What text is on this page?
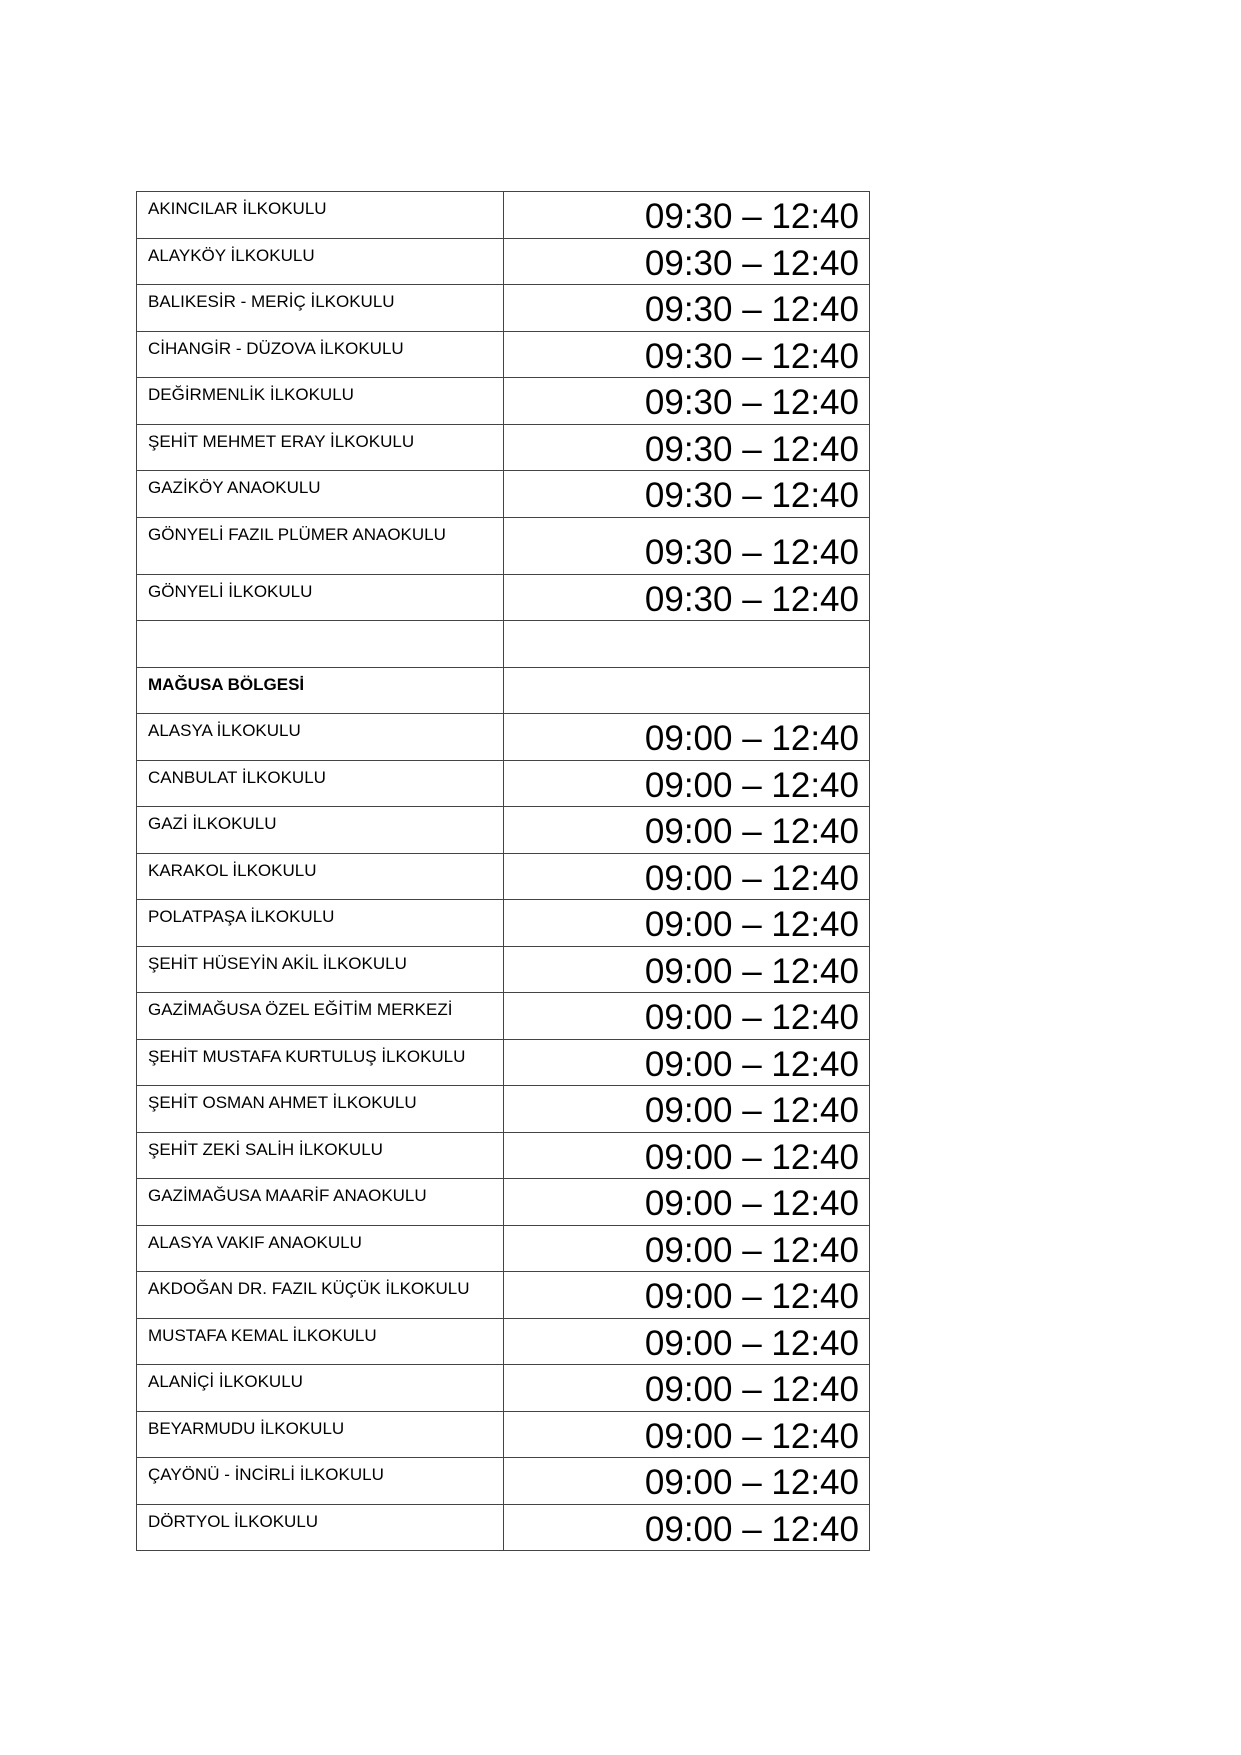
AKINCILAR İLKOKULU	09:30 – 12:40
ALAYKÖY İLKOKULU	09:30 – 12:40
BALIKESİR - MERİÇ İLKOKULU	09:30 – 12:40
CİHANGİR - DÜZOVA İLKOKULU	09:30 – 12:40
DEĞİRMENLİK İLKOKULU	09:30 – 12:40
ŞEHİT MEHMET ERAY İLKOKULU	09:30 – 12:40
GAZİKÖY ANAOKULU	09:30 – 12:40
GÖNYELİ FAZIL PLÜMER ANAOKULU	09:30 – 12:40
GÖNYELİ İLKOKULU	09:30 – 12:40

MAĞUSA BÖLGESİ	
ALASYA İLKOKULU	09:00 – 12:40
CANBULAT İLKOKULU	09:00 – 12:40
GAZİ İLKOKULU	09:00 – 12:40
KARAKOL İLKOKULU	09:00 – 12:40
POLATPAŞA İLKOKULU	09:00 – 12:40
ŞEHİT HÜSEYİN AKİL İLKOKULU	09:00 – 12:40
GAZİMAĞUSA ÖZEL EĞİTİM MERKEZİ	09:00 – 12:40
ŞEHİT MUSTAFA KURTULUŞ İLKOKULU	09:00 – 12:40
ŞEHİT OSMAN AHMET İLKOKULU	09:00 – 12:40
ŞEHİT ZEKİ SALİH İLKOKULU	09:00 – 12:40
GAZİMAĞUSA MAARİF ANAOKULU	09:00 – 12:40
ALASYA VAKIF ANAOKULU	09:00 – 12:40
AKDOĞAN DR. FAZIL KÜÇÜK İLKOKULU	09:00 – 12:40
MUSTAFA KEMAL İLKOKULU	09:00 – 12:40
ALANİÇİ İLKOKULU	09:00 – 12:40
BEYARMUDU İLKOKULU	09:00 – 12:40
ÇAYÖNÜ - İNCİRLİ İLKOKULU	09:00 – 12:40
DÖRTYOL İLKOKULU	09:00 – 12:40
